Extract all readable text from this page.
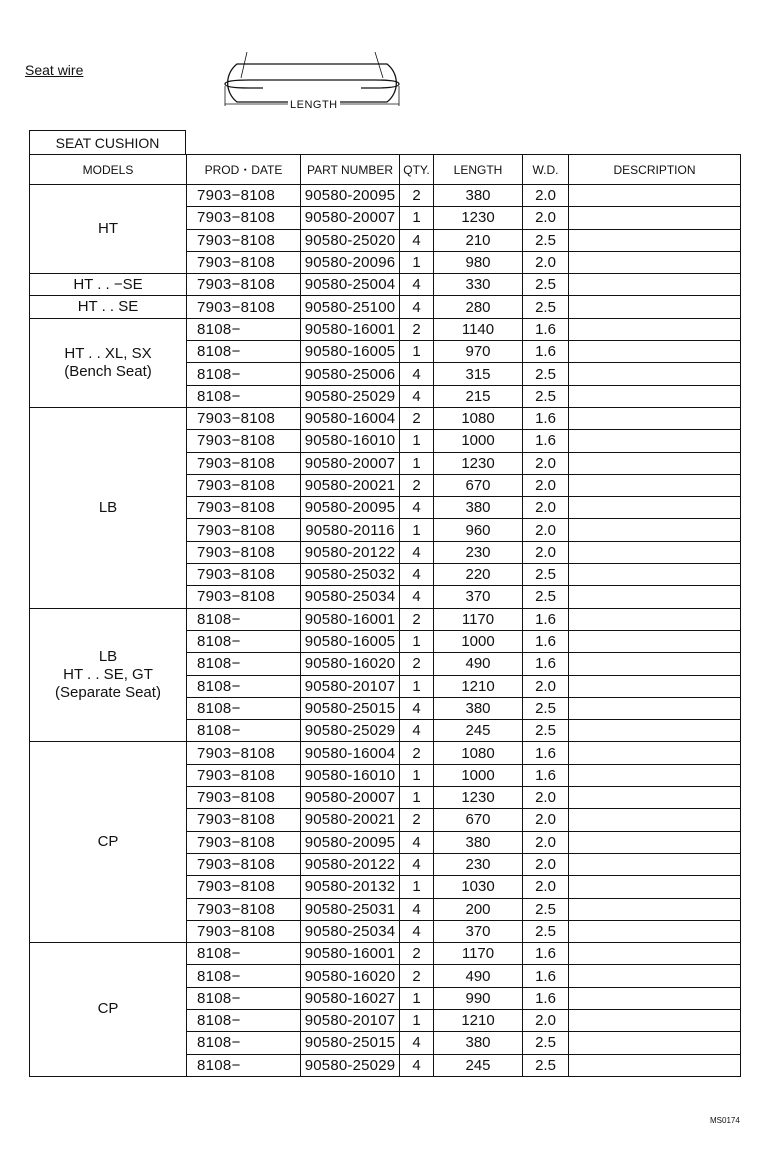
Seat wire
LENGTH
SEAT CUSHION
MODELS	PROD・DATE	PART NUMBER	QTY.	LENGTH	W.D.	DESCRIPTION

HT	7903−8108	90580-20095	2	380	2.0	
	7903−8108	90580-20007	1	1230	2.0	
	7903−8108	90580-25020	4	210	2.5	
	7903−8108	90580-20096	1	980	2.0	

HT . . −SE	7903−8108	90580-25004	4	330	2.5	

HT . . SE	7903−8108	90580-25100	4	280	2.5	

HT . . XL, SX
(Bench Seat)	8108−	90580-16001	2	1140	1.6	
	8108−	90580-16005	1	970	1.6	
	8108−	90580-25006	4	315	2.5	
	8108−	90580-25029	4	215	2.5	

LB	7903−8108	90580-16004	2	1080	1.6	
	7903−8108	90580-16010	1	1000	1.6	
	7903−8108	90580-20007	1	1230	2.0	
	7903−8108	90580-20021	2	670	2.0	
	7903−8108	90580-20095	4	380	2.0	
	7903−8108	90580-20116	1	960	2.0	
	7903−8108	90580-20122	4	230	2.0	
	7903−8108	90580-25032	4	220	2.5	
	7903−8108	90580-25034	4	370	2.5	

LB
HT . . SE, GT
(Separate Seat)	8108−	90580-16001	2	1170	1.6	
	8108−	90580-16005	1	1000	1.6	
	8108−	90580-16020	2	490	1.6	
	8108−	90580-20107	1	1210	2.0	
	8108−	90580-25015	4	380	2.5	
	8108−	90580-25029	4	245	2.5	

CP	7903−8108	90580-16004	2	1080	1.6	
	7903−8108	90580-16010	1	1000	1.6	
	7903−8108	90580-20007	1	1230	2.0	
	7903−8108	90580-20021	2	670	2.0	
	7903−8108	90580-20095	4	380	2.0	
	7903−8108	90580-20122	4	230	2.0	
	7903−8108	90580-20132	1	1030	2.0	
	7903−8108	90580-25031	4	200	2.5	
	7903−8108	90580-25034	4	370	2.5	

CP	8108−	90580-16001	2	1170	1.6	
	8108−	90580-16020	2	490	1.6	
	8108−	90580-16027	1	990	1.6	
	8108−	90580-20107	1	1210	2.0	
	8108−	90580-25015	4	380	2.5	
	8108−	90580-25029	4	245	2.5	
MS0174
